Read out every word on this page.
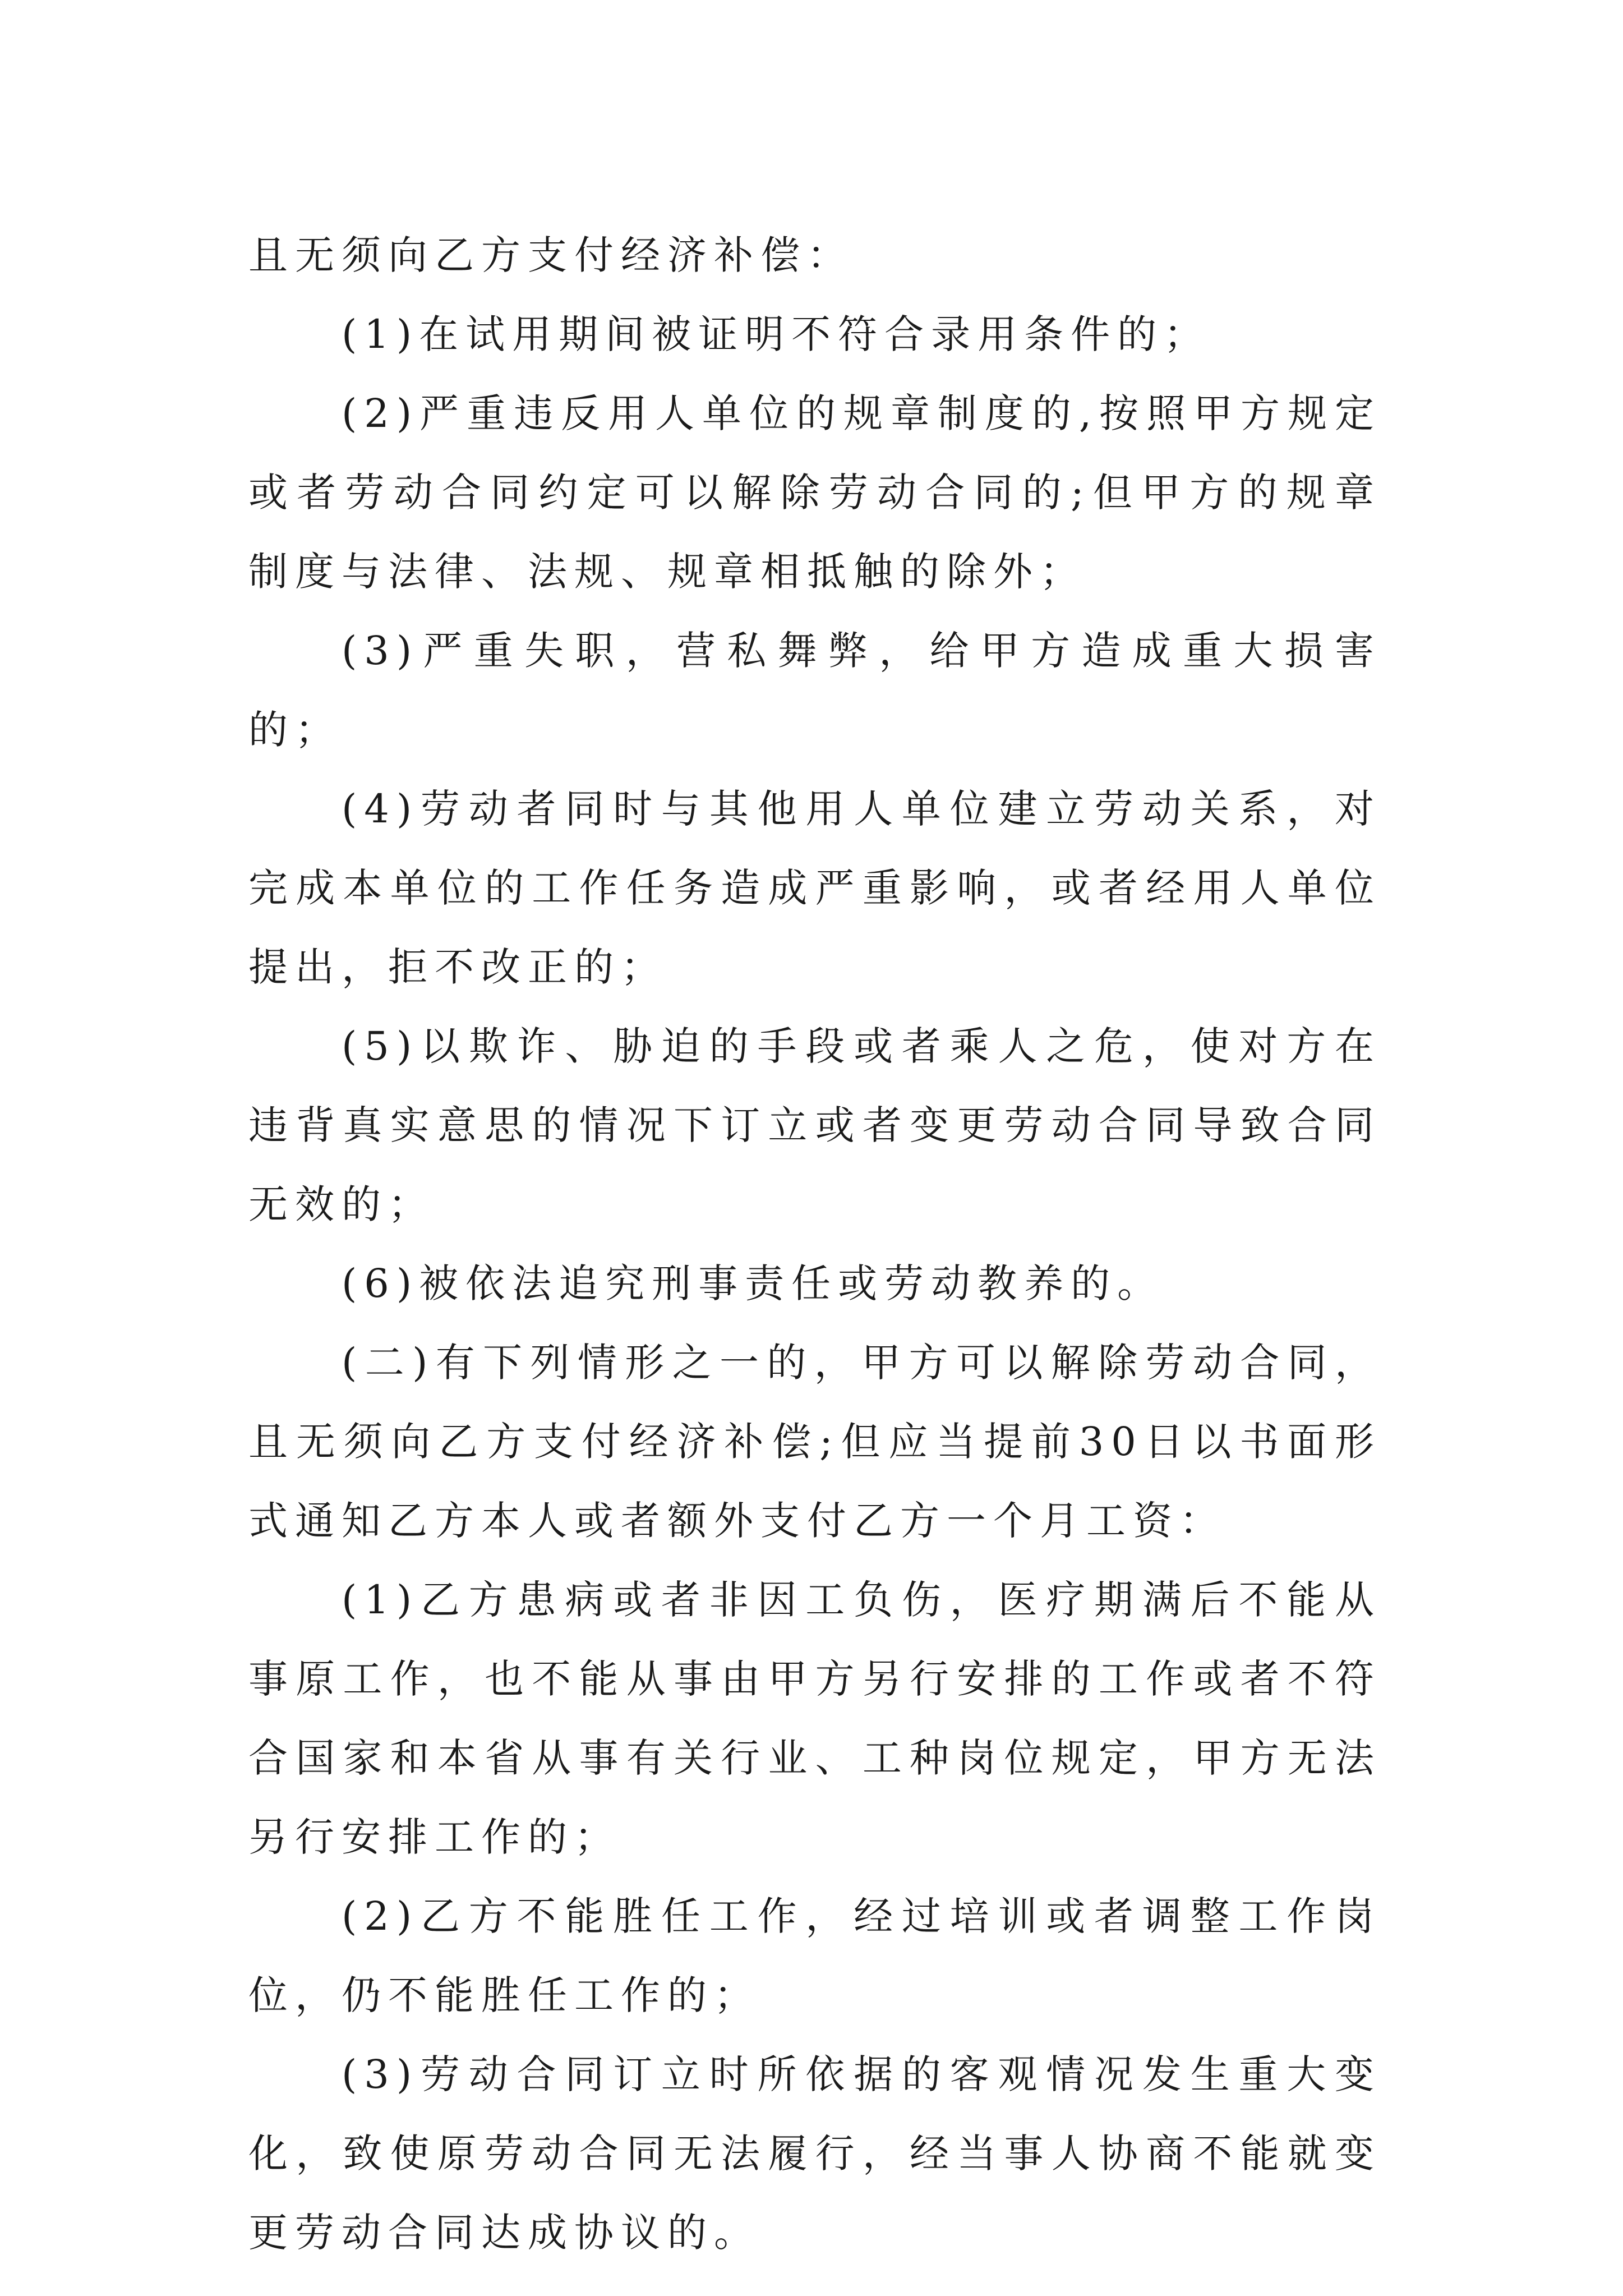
且无须向乙方支付经济补偿：

(1)在试用期间被证明不符合录用条件的；

(2)严重违反用人单位的规章制度的,按照甲方规定或者劳动合同约定可以解除劳动合同的;但甲方的规章制度与法律、法规、规章相抵触的除外；

(3)严重失职，营私舞弊，给甲方造成重大损害的；

(4)劳动者同时与其他用人单位建立劳动关系，对完成本单位的工作任务造成严重影响，或者经用人单位提出，拒不改正的；

(5)以欺诈、胁迫的手段或者乘人之危，使对方在违背真实意思的情况下订立或者变更劳动合同导致合同无效的；

(6)被依法追究刑事责任或劳动教养的。

(二)有下列情形之一的，甲方可以解除劳动合同，且无须向乙方支付经济补偿;但应当提前30日以书面形式通知乙方本人或者额外支付乙方一个月工资：

(1)乙方患病或者非因工负伤，医疗期满后不能从事原工作，也不能从事由甲方另行安排的工作或者不符合国家和本省从事有关行业、工种岗位规定，甲方无法另行安排工作的；

(2)乙方不能胜任工作，经过培训或者调整工作岗位，仍不能胜任工作的；

(3)劳动合同订立时所依据的客观情况发生重大变化，致使原劳动合同无法履行，经当事人协商不能就变更劳动合同达成协议的。
